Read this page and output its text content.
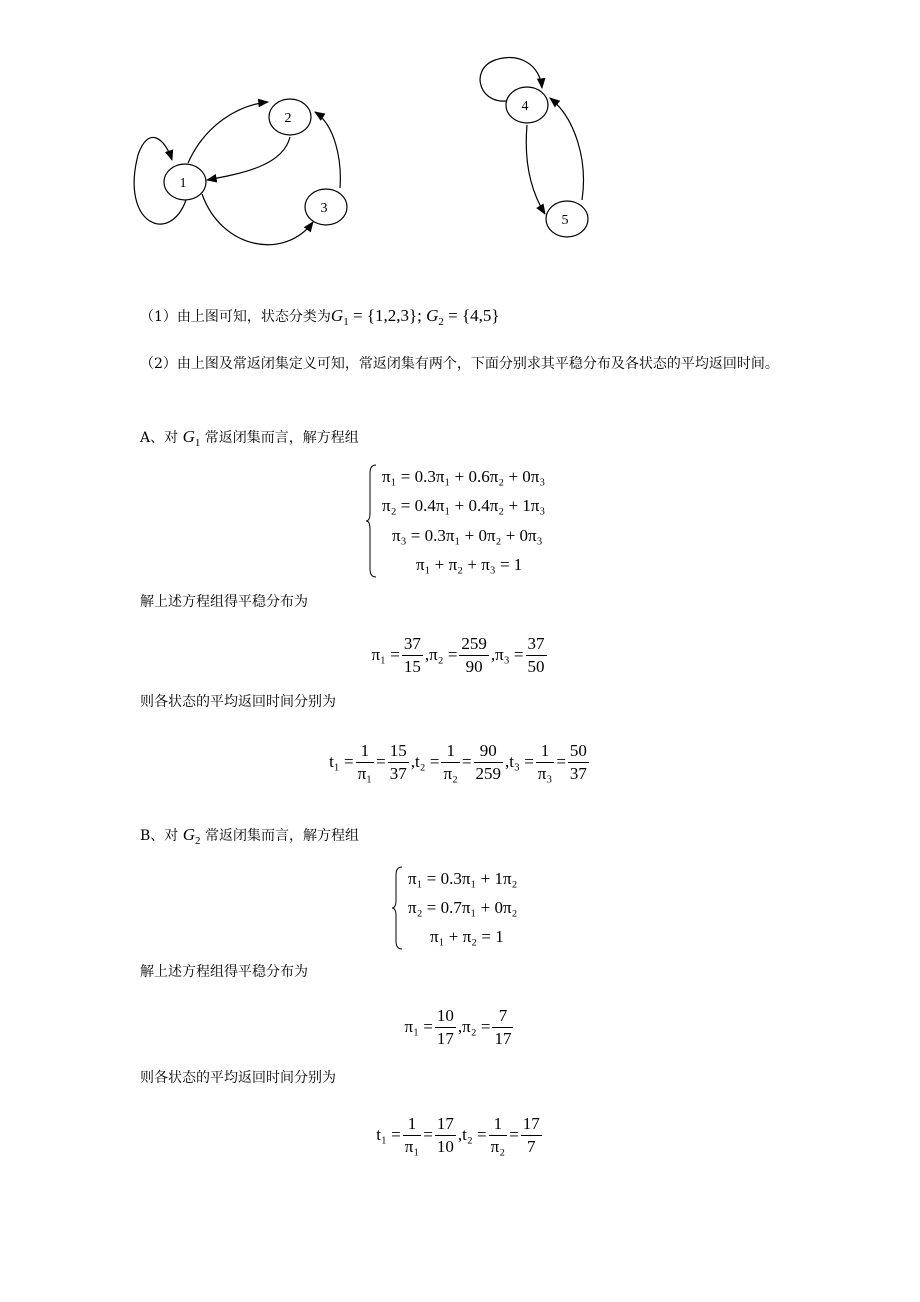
1
2
3
4
5
（1）由上图可知，状态分类为$G_1 = \{1,2,3\}$; $G_2 = \{4,5\}$
（2）由上图及常返闭集定义可知，常返闭集有两个，下面分别求其平稳分布及各状态的平均返回时间。
A、对 $G_1$ 常返闭集而言，解方程组
π₁ = 0.3π₁ + 0.6π₂ + 0π₃
π₂ = 0.4π₁ + 0.4π₂ + 1π₃
π₃ = 0.3π₁ + 0π₂ + 0π₃
π₁ + π₂ + π₃ = 1
解上述方程组得平稳分布为
$\pi_1 = \frac{37}{15}$ , $\pi_2 = \frac{259}{90}$ , $\pi_3 = \frac{37}{50}$
则各状态的平均返回时间分别为
$t_1 = \frac{1}{\text{π₁}} = \frac{15}{37}$ , $t_2 = \frac{1}{\text{π₂}} = \frac{90}{259}$ , $t_3 = \frac{1}{\text{π₃}} = \frac{50}{37}$
B、对 $G_2$ 常返闭集而言，解方程组
π₁ = 0.3π₁ + 1π₂
π₂ = 0.7π₁ + 0π₂
π₁ + π₂ = 1
解上述方程组得平稳分布为
$\pi_1 = \frac{10}{17}$ , $\pi_2 = \frac{7}{17}$
则各状态的平均返回时间分别为
$t_1 = \frac{1}{\text{π₁}} = \frac{17}{10}$ , $t_2 = \frac{1}{\text{π₂}} = \frac{17}{7}$
